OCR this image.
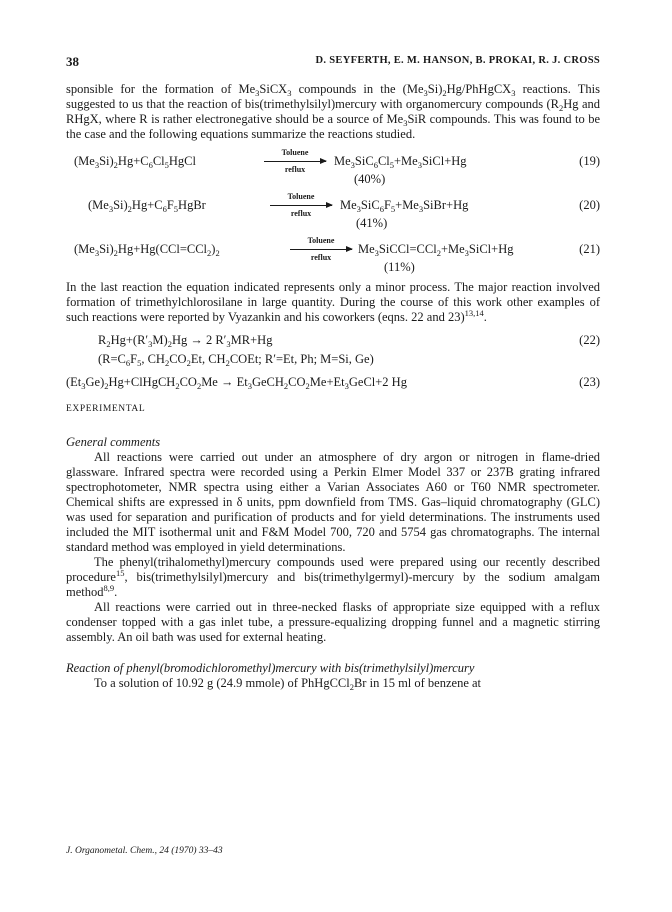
38	D. SEYFERTH, E. M. HANSON, B. PROKAI, R. J. CROSS

sponsible for the formation of $Me_3SiCX_3$ compounds in the $(Me_3Si)_2Hg/PhHgCX_3$ reactions. This suggested to us that the reaction of bis(trimethylsilyl)mercury with organomercury compounds ($R_2Hg$ and RHgX, where R is rather electronegative should be a source of $Me_3SiR$ compounds. This was found to be the case and the following equations summarize the reactions studied.

$(Me_3Si)_2Hg+C_6Cl_5HgCl$
Toluene
reflux
$Me_3SiC_6Cl_5+Me_3SiCl+Hg$	(19)
(40%)
$(Me_3Si)_2Hg+C_6F_5HgBr$
Toluene
reflux
$Me_3SiC_6F_5+Me_3SiBr+Hg$	(20)
(41%)
$(Me_3Si)_2Hg+Hg(CCl=CCl_2)_2$
Toluene
reflux
$Me_3SiCCl=CCl_2+Me_3SiCl+Hg$	(21)
(11%)

In the last reaction the equation indicated represents only a minor process. The major reaction involved formation of trimethylchlorosilane in large quantity. During the course of this work other examples of such reactions were reported by Vyazankin and his coworkers (eqns. 22 and 23)$^{13,14}$.

$R_2Hg+(R'_3M)_2Hg \to 2$ $R'_3MR+Hg$	(22)
($R=C_6F_5$, $CH_2CO_2Et$, $CH_2COEt$; R′=Et, Ph; M=Si, Ge)
$(Et_3Ge)_2Hg+ClHgCH_2CO_2Me$ → $Et_3GeCH_2CO_2Me+Et_3GeCl+2$ Hg	(23)
EXPERIMENTAL
General comments

All reactions were carried out under an atmosphere of dry argon or nitrogen in flame-dried glassware. Infrared spectra were recorded using a Perkin Elmer Model 337 or 237B grating infrared spectrophotometer, NMR spectra using either a Varian Associates A60 or T60 NMR spectrometer. Chemical shifts are expressed in δ units, ppm downfield from TMS. Gas–liquid chromatography (GLC) was used for separation and purification of products and for yield determinations. The instruments used included the MIT isothermal unit and F&M Model 700, 720 and 5754 gas chromatographs. The internal standard method was employed in yield determinations.

The phenyl(trihalomethyl)mercury compounds used were prepared using our recently described procedure$^{15}$, bis(trimethylsilyl)mercury and bis(trimethylgermyl)-mercury by the sodium amalgam method$^{8,9}$.

All reactions were carried out in three-necked flasks of appropriate size equipped with a reflux condenser topped with a gas inlet tube, a pressure-equalizing dropping funnel and a magnetic stirring assembly. An oil bath was used for external heating.

Reaction of phenyl(bromodichloromethyl)mercury with bis(trimethylsilyl)mercury

To a solution of 10.92 g (24.9 mmole) of PhHgCCl$_2$Br in 15 ml of benzene at

J. Organometal. Chem., 24 (1970) 33–43
